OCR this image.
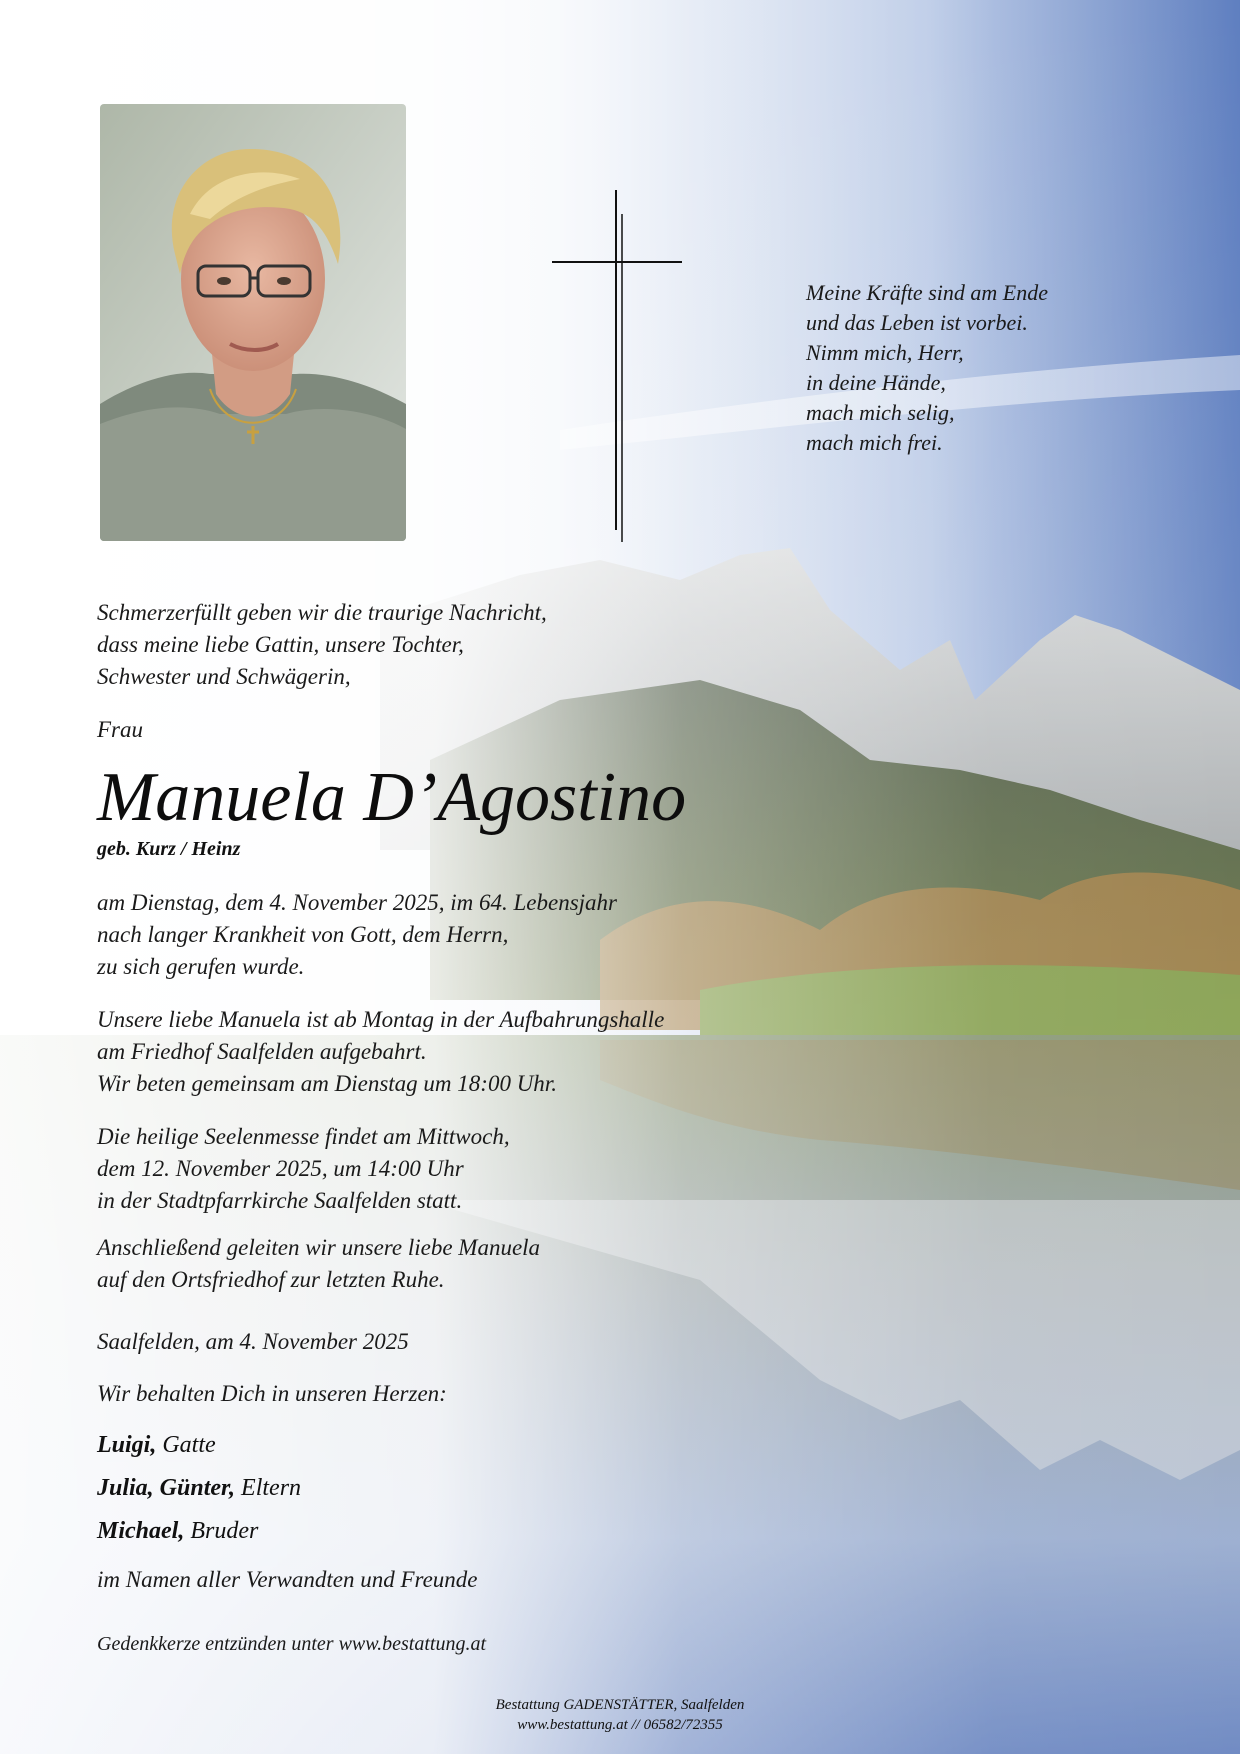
Meine Kräfte sind am Ende
und das Leben ist vorbei.
Nimm mich, Herr,
in deine Hände,
mach mich selig,
mach mich frei.
Schmerzerfüllt geben wir die traurige Nachricht,
dass meine liebe Gattin, unsere Tochter,
Schwester und Schwägerin,
Frau
Manuela D’Agostino
geb. Kurz / Heinz
am Dienstag, dem 4. November 2025, im 64. Lebensjahr
nach langer Krankheit von Gott, dem Herrn,
zu sich gerufen wurde.
Unsere liebe Manuela ist ab Montag in der Aufbahrungshalle
am Friedhof Saalfelden aufgebahrt.
Wir beten gemeinsam am Dienstag um 18:00 Uhr.
Die heilige Seelenmesse findet am Mittwoch,
dem 12. November 2025, um 14:00 Uhr
in der Stadtpfarrkirche Saalfelden statt.
Anschließend geleiten wir unsere liebe Manuela
auf den Ortsfriedhof zur letzten Ruhe.
Saalfelden, am 4. November 2025
Wir behalten Dich in unseren Herzen:
Luigi, Gatte
Julia, Günter, Eltern
Michael, Bruder
im Namen aller Verwandten und Freunde
Gedenkkerze entzünden unter www.bestattung.at
Bestattung GADENSTÄTTER, Saalfelden
www.bestattung.at // 06582/72355
